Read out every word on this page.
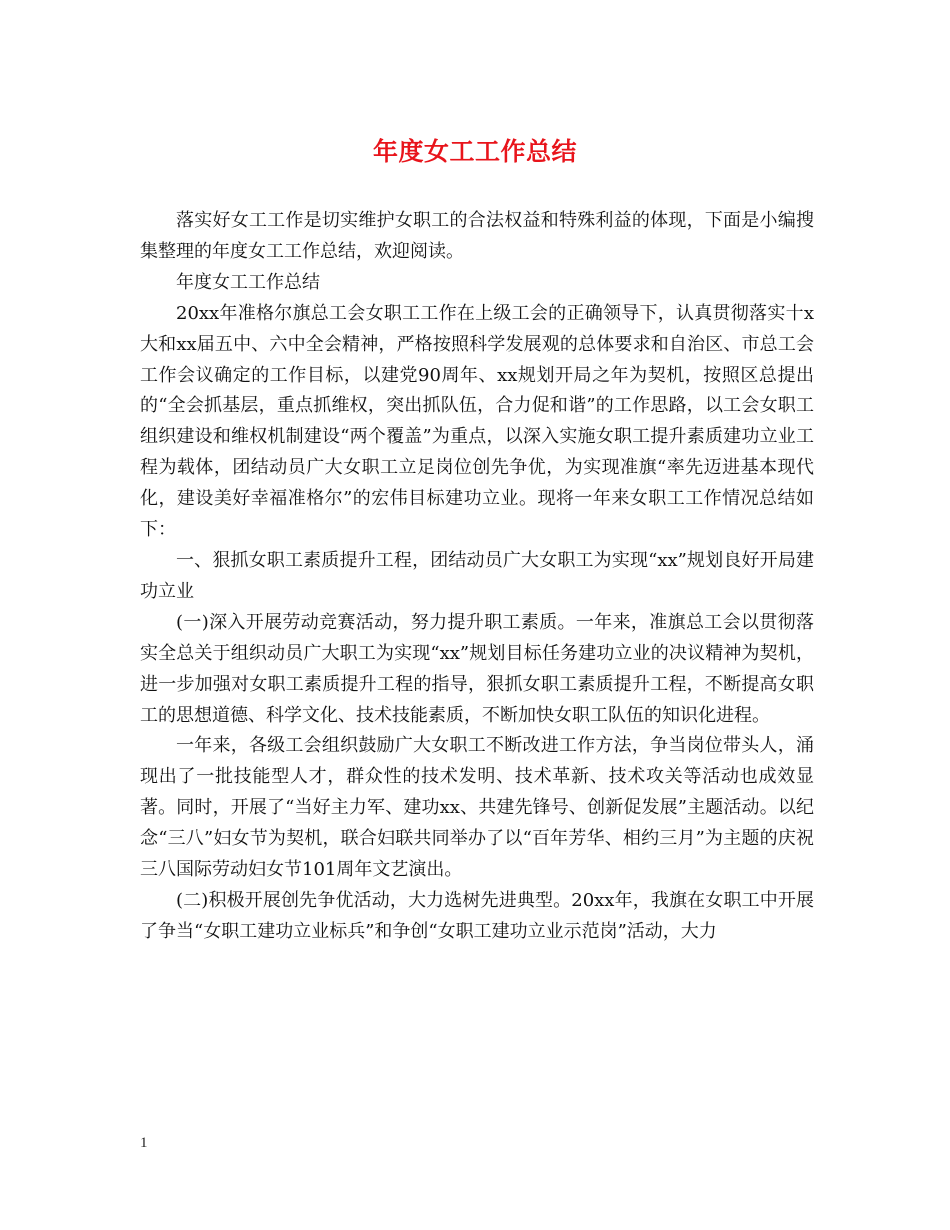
年度女工工作总结

落实好女工工作是切实维护女职工的合法权益和特殊利益的体现，下面是小编搜集整理的年度女工工作总结，欢迎阅读。

年度女工工作总结

20xx年准格尔旗总工会女职工工作在上级工会的正确领导下，认真贯彻落实十x大和xx届五中、六中全会精神，严格按照科学发展观的总体要求和自治区、市总工会工作会议确定的工作目标，以建党90周年、xx规划开局之年为契机，按照区总提出的“全会抓基层，重点抓维权，突出抓队伍，合力促和谐”的工作思路，以工会女职工组织建设和维权机制建设“两个覆盖”为重点，以深入实施女职工提升素质建功立业工程为载体，团结动员广大女职工立足岗位创先争优，为实现准旗“率先迈进基本现代化，建设美好幸福准格尔”的宏伟目标建功立业。现将一年来女职工工作情况总结如下：

一、狠抓女职工素质提升工程，团结动员广大女职工为实现“xx”规划良好开局建功立业

(一)深入开展劳动竞赛活动，努力提升职工素质。一年来，准旗总工会以贯彻落实全总关于组织动员广大职工为实现“xx”规划目标任务建功立业的决议精神为契机，进一步加强对女职工素质提升工程的指导，狠抓女职工素质提升工程，不断提高女职工的思想道德、科学文化、技术技能素质，不断加快女职工队伍的知识化进程。

一年来，各级工会组织鼓励广大女职工不断改进工作方法，争当岗位带头人，涌现出了一批技能型人才，群众性的技术发明、技术革新、技术攻关等活动也成效显著。同时，开展了“当好主力军、建功xx、共建先锋号、创新促发展”主题活动。以纪念“三八”妇女节为契机，联合妇联共同举办了以“百年芳华、相约三月”为主题的庆祝三八国际劳动妇女节101周年文艺演出。

(二)积极开展创先争优活动，大力选树先进典型。20xx年，我旗在女职工中开展了争当“女职工建功立业标兵”和争创“女职工建功立业示范岗”活动，大力

1
